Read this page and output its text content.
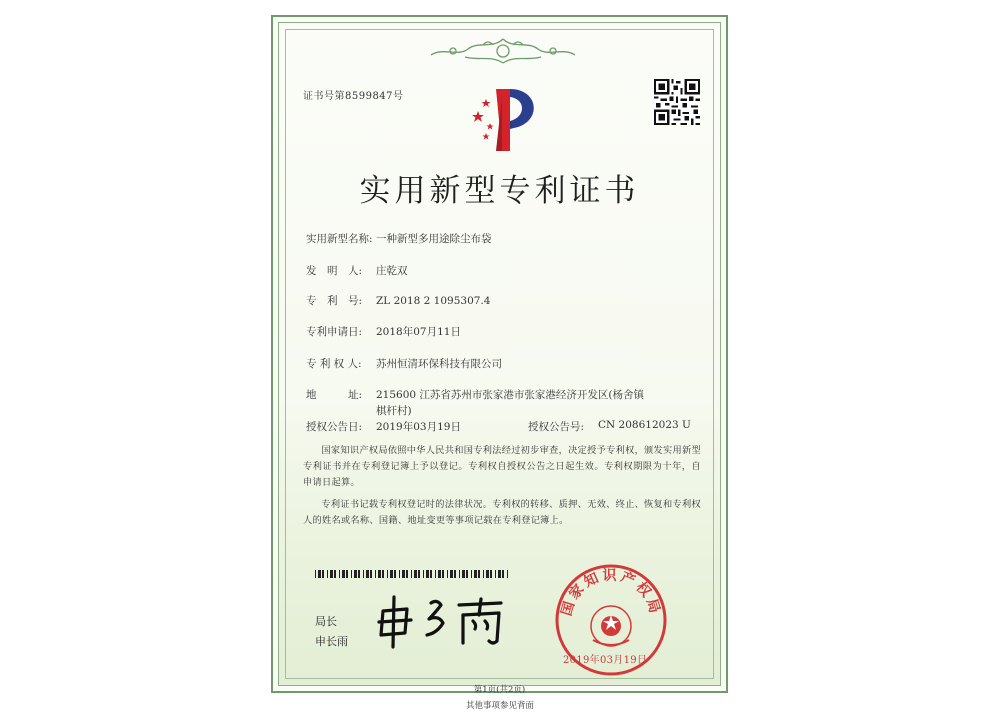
证书号第8599847号
实用新型专利证书
实用新型名称: 一种新型多用途除尘布袋
发　明　人:	庄乾双
专　利　号:	ZL 2018 2 1095307.4
专利申请日:	2018年07月11日
专 利 权 人:	苏州恒清环保科技有限公司
地　　　址:	215600 江苏省苏州市张家港市张家港经济开发区(杨舍镇棋杆村)
授权公告日:	2019年03月19日	授权公告号:	CN 208612023 U

国家知识产权局依照中华人民共和国专利法经过初步审查，决定授予专利权，颁发实用新型专利证书并在专利登记簿上予以登记。专利权自授权公告之日起生效。专利权期限为十年，自申请日起算。

专利证书记载专利权登记时的法律状况。专利权的转移、质押、无效、终止、恢复和专利权人的姓名或名称、国籍、地址变更等事项记载在专利登记簿上。

局长
申长雨
国家知识产权局
2019年03月19日
第1页(共2页)
其他事项参见背面
